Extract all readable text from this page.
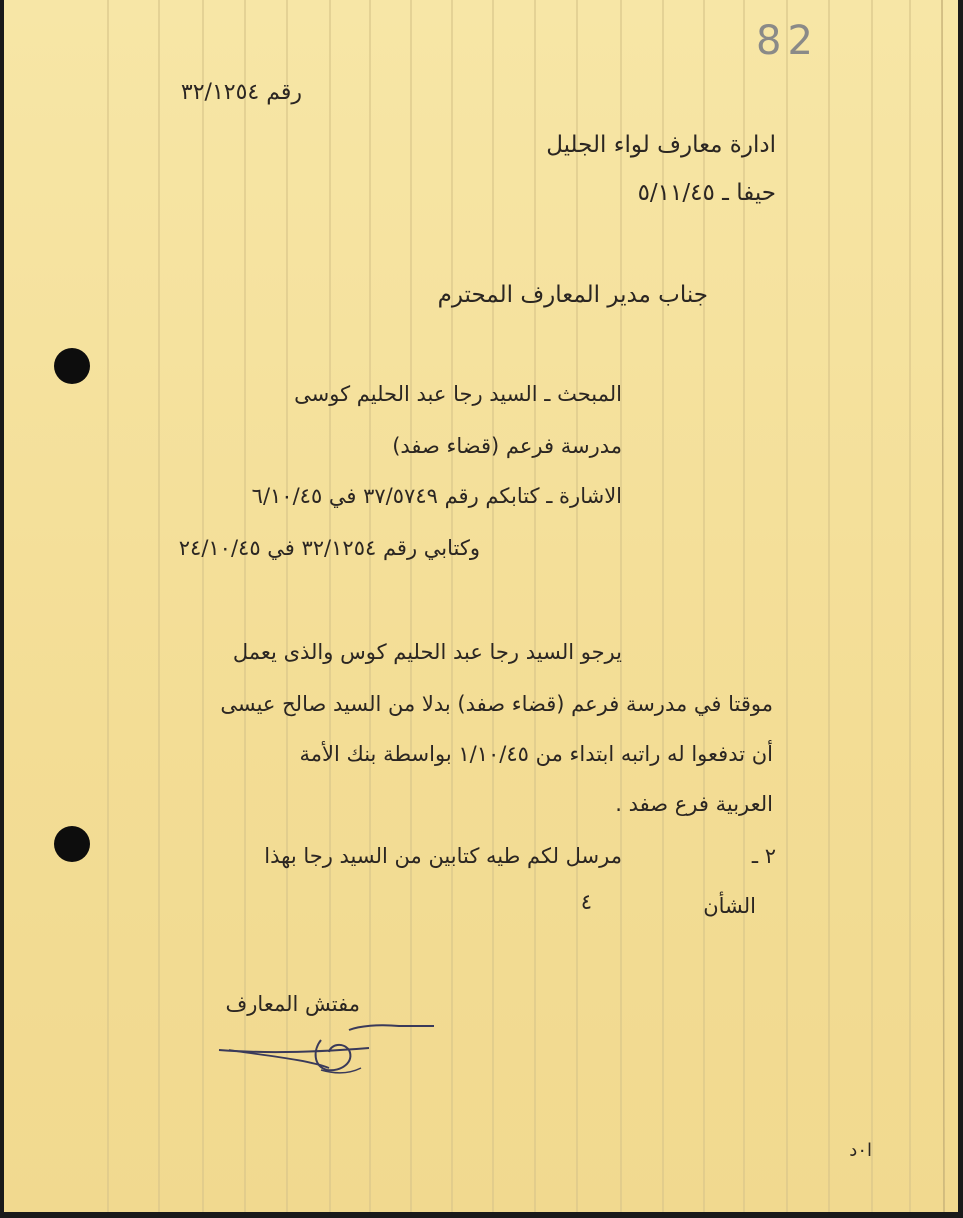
82
رقم ٣٢/١٢٥٤
ادارة معارف لواء الجليل
حيفا ـ ٥/١١/٤٥
جناب مدير المعارف المحترم
المبحث ـ السيد رجا عبد الحليم كوسى
مدرسة فرعم (قضاء صفد)
الاشارة ـ كتابكم رقم ٣٧/٥٧٤٩ في ٦/١٠/٤٥
وكتابي رقم ٣٢/١٢٥٤ في ٢٤/١٠/٤٥
يرجو السيد رجا عبد الحليم كوس والذى يعمل
موقتا في مدرسة فرعم (قضاء صفد) بدلا من السيد صالح عيسى
أن تدفعوا له راتبه ابتداء من ١/١٠/٤٥ بواسطة بنك الأمة
العربية فرع صفد .
٢ ـ
مرسل لكم طيه كتابين من السيد رجا بهذا
الشأن
٤
مفتش المعارف
ا٠د
